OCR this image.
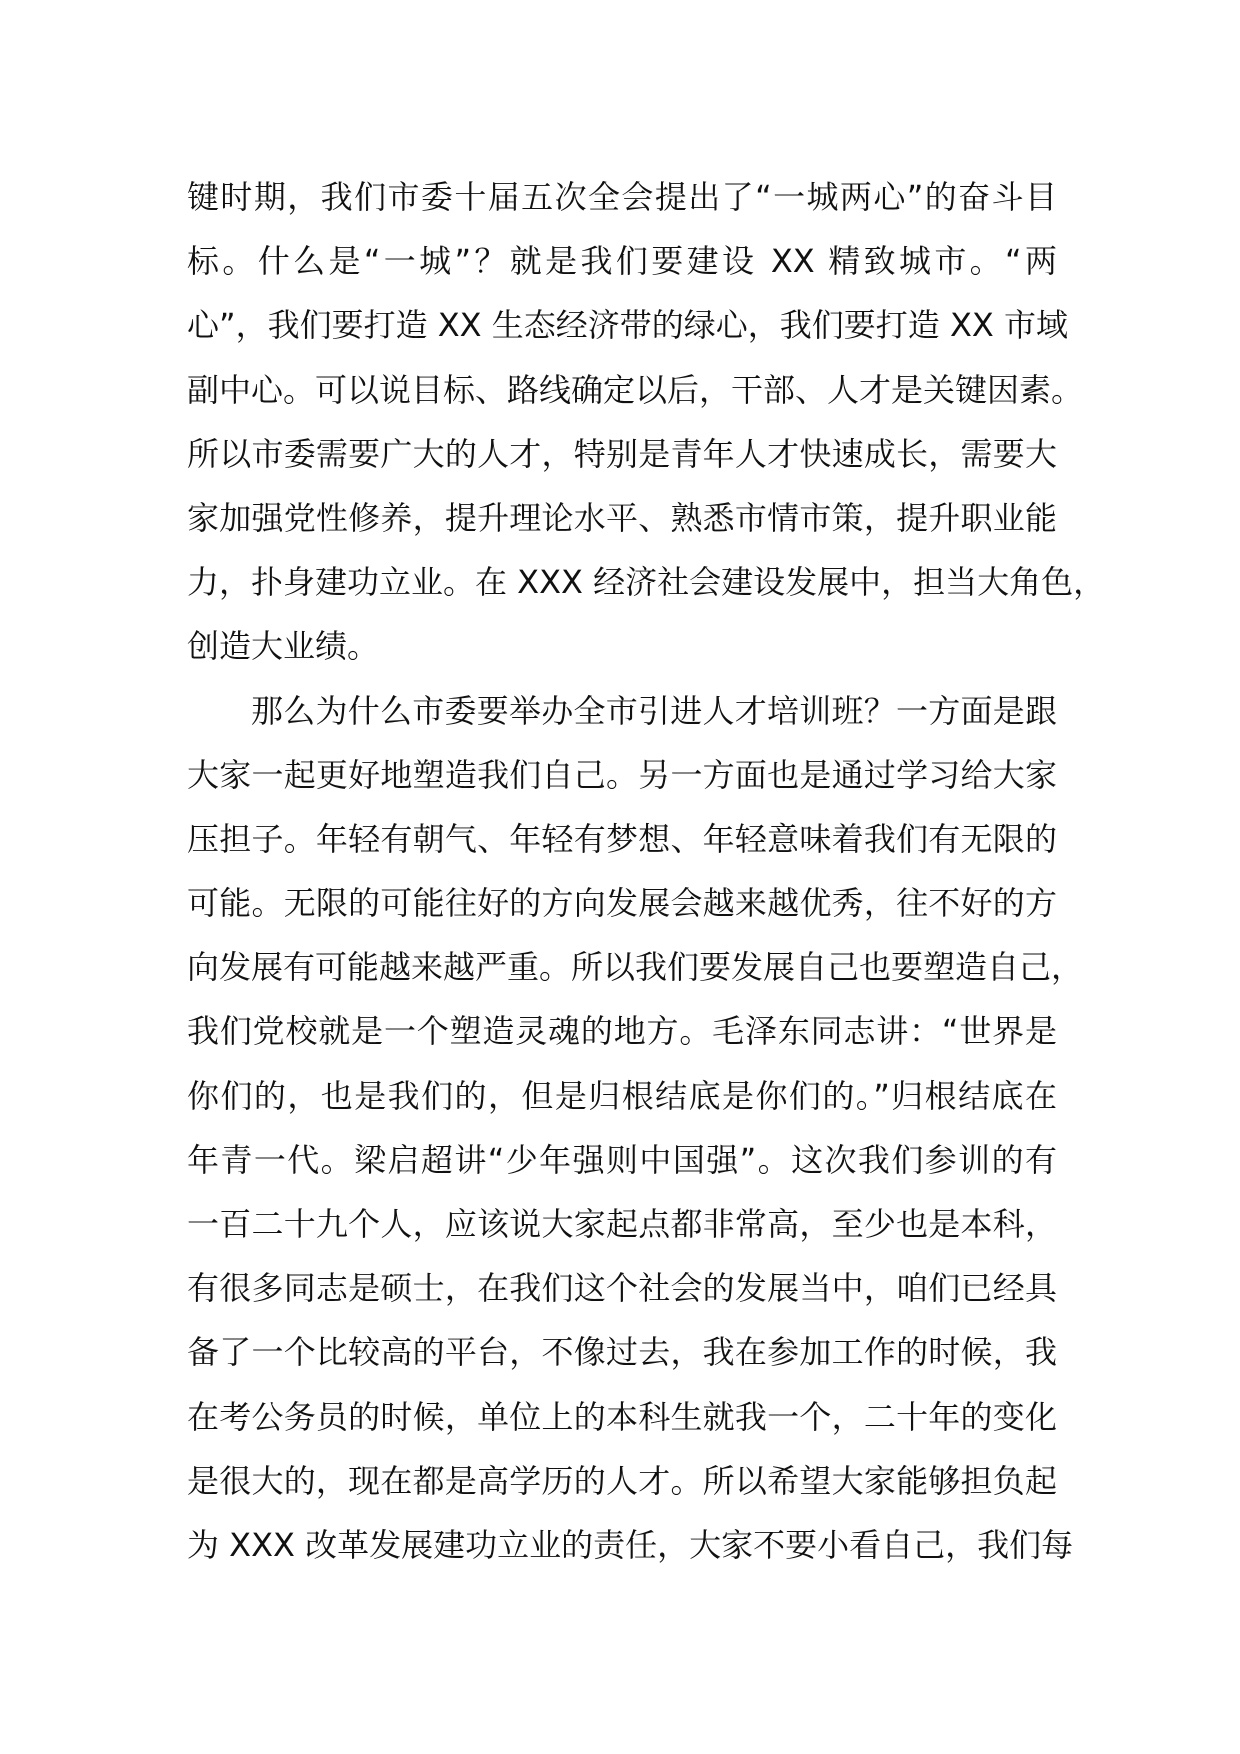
键时期，我们市委十届五次全会提出了“一城两心”的奋斗目
标。什么是“一城”？就是我们要建设 XX 精致城市。“两
心”，我们要打造 XX 生态经济带的绿心，我们要打造 XX 市域
副中心。可以说目标、路线确定以后，干部、人才是关键因素。
所以市委需要广大的人才，特别是青年人才快速成长，需要大
家加强党性修养，提升理论水平、熟悉市情市策，提升职业能
力，扑身建功立业。在 XXX 经济社会建设发展中，担当大角色，
创造大业绩。
那么为什么市委要举办全市引进人才培训班？一方面是跟
大家一起更好地塑造我们自己。另一方面也是通过学习给大家
压担子。年轻有朝气、年轻有梦想、年轻意味着我们有无限的
可能。无限的可能往好的方向发展会越来越优秀，往不好的方
向发展有可能越来越严重。所以我们要发展自己也要塑造自己，
我们党校就是一个塑造灵魂的地方。毛泽东同志讲：“世界是
你们的，也是我们的，但是归根结底是你们的。”归根结底在
年青一代。梁启超讲“少年强则中国强”。这次我们参训的有
一百二十九个人，应该说大家起点都非常高，至少也是本科，
有很多同志是硕士，在我们这个社会的发展当中，咱们已经具
备了一个比较高的平台，不像过去，我在参加工作的时候，我
在考公务员的时候，单位上的本科生就我一个，二十年的变化
是很大的，现在都是高学历的人才。所以希望大家能够担负起
为 XXX 改革发展建功立业的责任，大家不要小看自己，我们每
